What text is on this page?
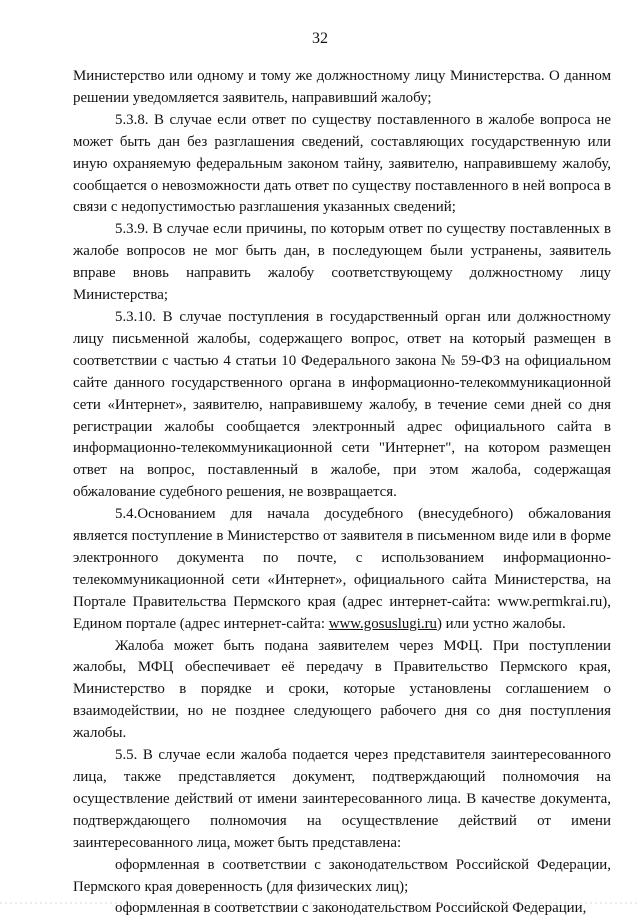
32

Министерство или одному и тому же должностному лицу Министерства. О данном решении уведомляется заявитель, направивший жалобу;

5.3.8. В случае если ответ по существу поставленного в жалобе вопроса не может быть дан без разглашения сведений, составляющих государственную или иную охраняемую федеральным законом тайну, заявителю, направившему жалобу, сообщается о невозможности дать ответ по существу поставленного в ней вопроса в связи с недопустимостью разглашения указанных сведений;

5.3.9. В случае если причины, по которым ответ по существу поставленных в жалобе вопросов не мог быть дан, в последующем были устранены, заявитель вправе вновь направить жалобу соответствующему должностному лицу Министерства;

5.3.10. В случае поступления в государственный орган или должностному лицу письменной жалобы, содержащего вопрос, ответ на который размещен в соответствии с частью 4 статьи 10 Федерального закона № 59-ФЗ на официальном сайте данного государственного органа в информационно-телекоммуникационной сети «Интернет», заявителю, направившему жалобу, в течение семи дней со дня регистрации жалобы сообщается электронный адрес официального сайта в информационно-телекоммуникационной сети "Интернет", на котором размещен ответ на вопрос, поставленный в жалобе, при этом жалоба, содержащая обжалование судебного решения, не возвращается.

5.4.Основанием для начала досудебного (внесудебного) обжалования является поступление в Министерство от заявителя в письменном виде или в форме электронного документа по почте, с использованием информационно-телекоммуникационной сети «Интернет», официального сайта Министерства, на Портале Правительства Пермского края (адрес интернет-сайта: www.permkrai.ru), Едином портале (адрес интернет-сайта: www.gosuslugi.ru) или устно жалобы.

Жалоба может быть подана заявителем через МФЦ. При поступлении жалобы, МФЦ обеспечивает её передачу в Правительство Пермского края, Министерство в порядке и сроки, которые установлены соглашением о взаимодействии, но не позднее следующего рабочего дня со дня поступления жалобы.

5.5. В случае если жалоба подается через представителя заинтересованного лица, также представляется документ, подтверждающий полномочия на осуществление действий от имени заинтересованного лица. В качестве документа, подтверждающего полномочия на осуществление действий от имени заинтересованного лица, может быть представлена:

оформленная в соответствии с законодательством Российской Федерации, Пермского края доверенность (для физических лиц);

оформленная в соответствии с законодательством Российской Федерации,
